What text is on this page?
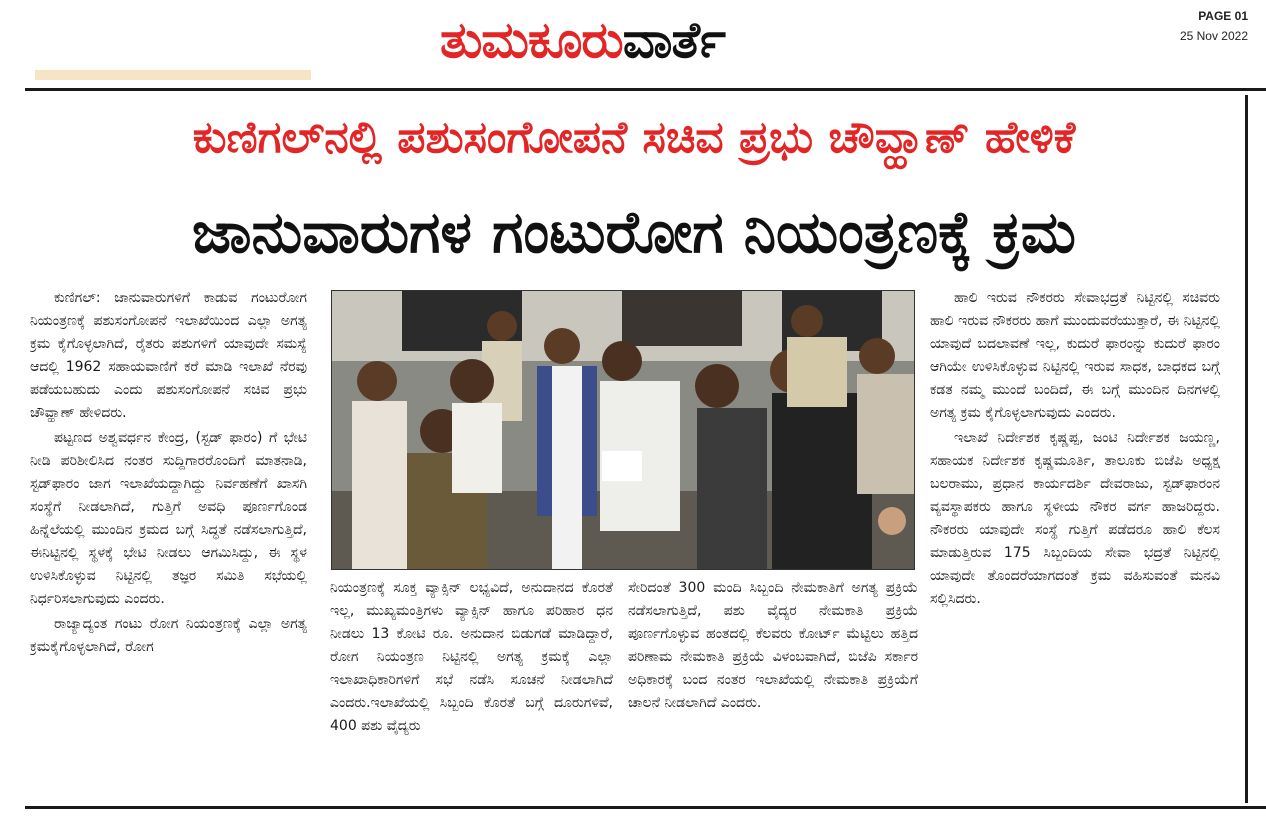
ತುಮಕೂರುವಾರ್ತೆ	PAGE 01
25 Nov 2022
ಕುಣಿಗಲ್‌ನಲ್ಲಿ ಪಶುಸಂಗೋಪನೆ ಸಚಿವ ಪ್ರಭು ಚೌವ್ಹಾಣ್ ಹೇಳಿಕೆ
ಜಾನುವಾರುಗಳ ಗಂಟುರೋಗ ನಿಯಂತ್ರಣಕ್ಕೆ ಕ್ರಮ

ಕುಣಿಗಲ್: ಜಾನುವಾರುಗಳಿಗೆ ಕಾಡುವ ಗಂಟುರೋಗ ನಿಯಂತ್ರಣಕ್ಕೆ ಪಶುಸಂಗೋಪನೆ ಇಲಾಖೆಯಿಂದ ಎಲ್ಲಾ ಅಗತ್ಯ ಕ್ರಮ ಕೈಗೊಳ್ಳಲಾಗಿದೆ, ರೈತರು ಪಶುಗಳಿಗೆ ಯಾವುದೇ ಸಮಸ್ಯೆ ಆದಲ್ಲಿ 1962 ಸಹಾಯವಾಣಿಗೆ ಕರೆ ಮಾಡಿ ಇಲಾಖೆ ನೆರವು ಪಡೆಯಬಹುದು ಎಂದು ಪಶುಸಂಗೋಪನೆ ಸಚಿವ ಪ್ರಭು ಚೌವ್ಹಾಣ್ ಹೇಳಿದರು.

ಪಟ್ಟಣದ ಅಶ್ವವರ್ಧನ ಕೇಂದ್ರ, (ಸ್ಟಡ್ ಫಾರಂ) ಗೆ ಭೇಟಿ ನೀಡಿ ಪರಿಶೀಲಿಸಿದ ನಂತರ ಸುದ್ದಿಗಾರರೊಂದಿಗೆ ಮಾತನಾಡಿ, ಸ್ಟಡ್‌ಫಾರಂ ಜಾಗ ಇಲಾಖೆಯದ್ದಾಗಿದ್ದು ನಿರ್ವಹಣೆಗೆ ಖಾಸಗಿ ಸಂಸ್ಥೆಗೆ ನೀಡಲಾಗಿದೆ, ಗುತ್ತಿಗೆ ಅವಧಿ ಪೂರ್ಣಗೊಂಡ ಹಿನ್ನೆಲೆಯಲ್ಲಿ ಮುಂದಿನ ಕ್ರಮದ ಬಗ್ಗೆ ಸಿದ್ಧತೆ ನಡೆಸಲಾಗುತ್ತಿದೆ, ಈನಿಟ್ಟಿನಲ್ಲಿ ಸ್ಥಳಕ್ಕೆ ಭೇಟಿ ನೀಡಲು ಆಗಮಿಸಿದ್ದು, ಈ ಸ್ಥಳ ಉಳಿಸಿಕೊಳ್ಳುವ ನಿಟ್ಟಿನಲ್ಲಿ ತಜ್ಞರ ಸಮಿತಿ ಸಭೆಯಲ್ಲಿ ನಿರ್ಧರಿಸಲಾಗುವುದು ಎಂದರು.

ರಾಜ್ಯಾದ್ಯಂತ ಗಂಟು ರೋಗ ನಿಯಂತ್ರಣಕ್ಕೆ ಎಲ್ಲಾ ಅಗತ್ಯ ಕ್ರಮಕೈಗೊಳ್ಳಲಾಗಿದೆ, ರೋಗ

ನಿಯಂತ್ರಣಕ್ಕೆ ಸೂಕ್ತ ವ್ಯಾಕ್ಸಿನ್ ಲಭ್ಯವಿದೆ, ಅನುದಾನದ ಕೊರತೆ ಇಲ್ಲ, ಮುಖ್ಯಮಂತ್ರಿಗಳು ವ್ಯಾಕ್ಸಿನ್ ಹಾಗೂ ಪರಿಹಾರ ಧನ ನೀಡಲು 13 ಕೋಟಿ ರೂ. ಅನುದಾನ ಬಿಡುಗಡೆ ಮಾಡಿದ್ದಾರೆ, ರೋಗ ನಿಯಂತ್ರಣ ನಿಟ್ಟಿನಲ್ಲಿ ಅಗತ್ಯ ಕ್ರಮಕ್ಕೆ ಎಲ್ಲಾ ಇಲಾಖಾಧಿಕಾರಿಗಳಿಗೆ ಸಭೆ ನಡೆಸಿ ಸೂಚನೆ ನೀಡಲಾಗಿದೆ ಎಂದರು.ಇಲಾಖೆಯಲ್ಲಿ ಸಿಬ್ಬಂದಿ ಕೊರತೆ ಬಗ್ಗೆ ದೂರುಗಳಿವೆ, 400 ಪಶು ವೈದ್ಯರು

ಸೇರಿದಂತೆ 300 ಮಂದಿ ಸಿಬ್ಬಂದಿ ನೇಮಕಾತಿಗೆ ಅಗತ್ಯ ಪ್ರಕ್ರಿಯೆ ನಡೆಸಲಾಗುತ್ತಿದೆ, ಪಶು ವೈದ್ಯರ ನೇಮಕಾತಿ ಪ್ರಕ್ರಿಯೆ ಪೂರ್ಣಗೊಳ್ಳುವ ಹಂತದಲ್ಲಿ ಕೆಲವರು ಕೋರ್ಟ್ ಮೆಟ್ಟಿಲು ಹತ್ತಿದ ಪರಿಣಾಮ ನೇಮಕಾತಿ ಪ್ರಕ್ರಿಯೆ ವಿಳಂಬವಾಗಿದೆ, ಬಿಜೆಪಿ ಸರ್ಕಾರ ಅಧಿಕಾರಕ್ಕೆ ಬಂದ ನಂತರ ಇಲಾಖೆಯಲ್ಲಿ ನೇಮಕಾತಿ ಪ್ರಕ್ರಿಯೆಗೆ ಚಾಲನೆ ನೀಡಲಾಗಿದೆ ಎಂದರು.

ಹಾಲಿ ಇರುವ ನೌಕರರು ಸೇವಾಭದ್ರತೆ ನಿಟ್ಟಿನಲ್ಲಿ ಸಚಿವರು ಹಾಲಿ ಇರುವ ನೌಕರರು ಹಾಗೆ ಮುಂದುವರೆಯುತ್ತಾರೆ, ಈ ನಿಟ್ಟಿನಲ್ಲಿ ಯಾವುದೆ ಬದಲಾವಣೆ ಇಲ್ಲ, ಕುದುರೆ ಫಾರಂನ್ನು ಕುದುರೆ ಫಾರಂ ಆಗಿಯೇ ಉಳಿಸಿಕೊಳ್ಳುವ ನಿಟ್ಟಿನಲ್ಲಿ ಇರುವ ಸಾಧಕ, ಬಾಧಕದ ಬಗ್ಗೆ ಕಡತ ನಮ್ಮ ಮುಂದೆ ಬಂದಿದೆ, ಈ ಬಗ್ಗೆ ಮುಂದಿನ ದಿನಗಳಲ್ಲಿ ಅಗತ್ಯ ಕ್ರಮ ಕೈಗೊಳ್ಳಲಾಗುವುದು ಎಂದರು.

ಇಲಾಖೆ ನಿರ್ದೇಶಕ ಕೃಷ್ಣಪ್ಪ, ಜಂಟಿ ನಿರ್ದೇಶಕ ಜಯಣ್ಣ, ಸಹಾಯಕ ನಿರ್ದೇಶಕ ಕೃಷ್ಣಮೂರ್ತಿ, ತಾಲೂಕು ಬಿಜೆಪಿ ಅಧ್ಯಕ್ಷ ಬಲರಾಮು, ಪ್ರಧಾನ ಕಾರ್ಯದರ್ಶಿ ದೇವರಾಜು, ಸ್ಟಡ್‌ಫಾರಂನ ವ್ಯವಸ್ಥಾಪಕರು ಹಾಗೂ ಸ್ಥಳೀಯ ನೌಕರ ವರ್ಗ ಹಾಜರಿದ್ದರು. ನೌಕರರು ಯಾವುದೇ ಸಂಸ್ಥೆ ಗುತ್ತಿಗೆ ಪಡೆದರೂ ಹಾಲಿ ಕೆಲಸ ಮಾಡುತ್ತಿರುವ 175 ಸಿಬ್ಬಂದಿಯ ಸೇವಾ ಭದ್ರತೆ ನಿಟ್ಟಿನಲ್ಲಿ ಯಾವುದೇ ತೊಂದರೆಯಾಗದಂತೆ ಕ್ರಮ ವಹಿಸುವಂತೆ ಮನವಿ ಸಲ್ಲಿಸಿದರು.
